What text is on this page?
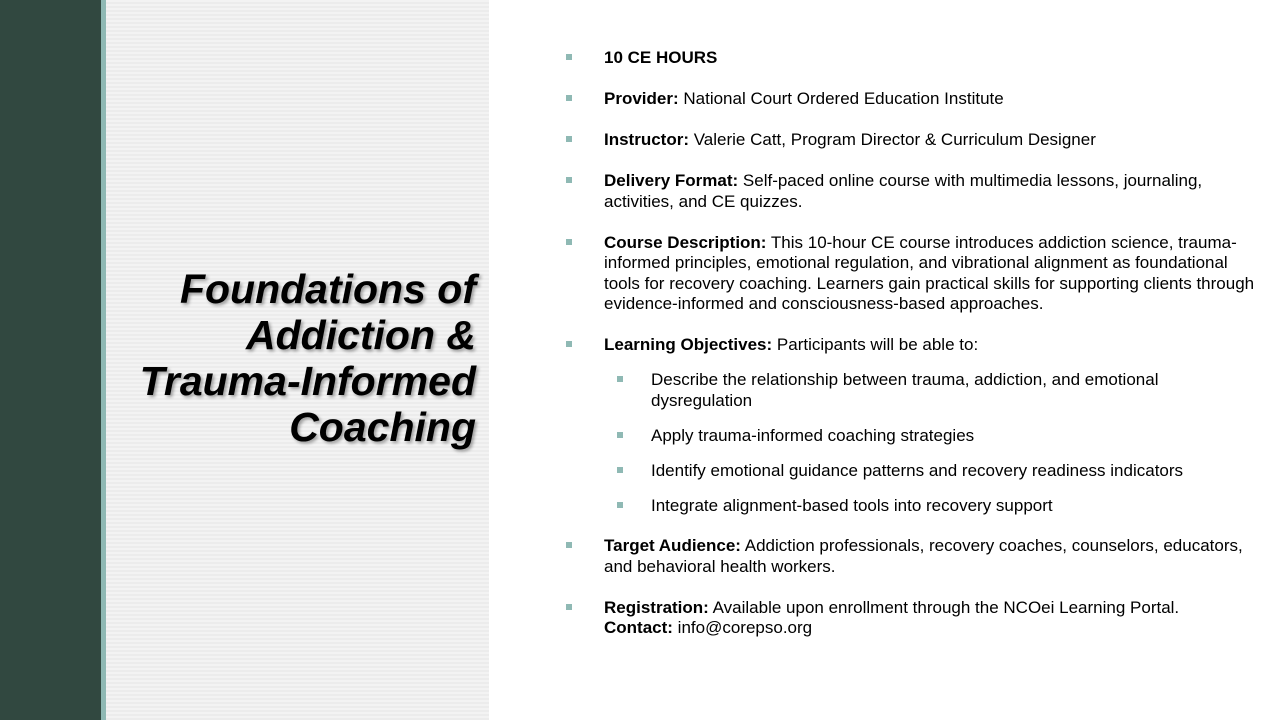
Foundations of Addiction & Trauma-Informed Coaching
10 CE HOURS
Provider: National Court Ordered Education Institute
Instructor: Valerie Catt, Program Director & Curriculum Designer
Delivery Format: Self-paced online course with multimedia lessons, journaling, activities, and CE quizzes.
Course Description: This 10-hour CE course introduces addiction science, trauma-informed principles, emotional regulation, and vibrational alignment as foundational tools for recovery coaching. Learners gain practical skills for supporting clients through evidence-informed and consciousness-based approaches.
Learning Objectives: Participants will be able to:
Describe the relationship between trauma, addiction, and emotional dysregulation
Apply trauma-informed coaching strategies
Identify emotional guidance patterns and recovery readiness indicators
Integrate alignment-based tools into recovery support
Target Audience: Addiction professionals, recovery coaches, counselors, educators, and behavioral health workers.
Registration: Available upon enrollment through the NCOei Learning Portal.
Contact: info@corepso.org
